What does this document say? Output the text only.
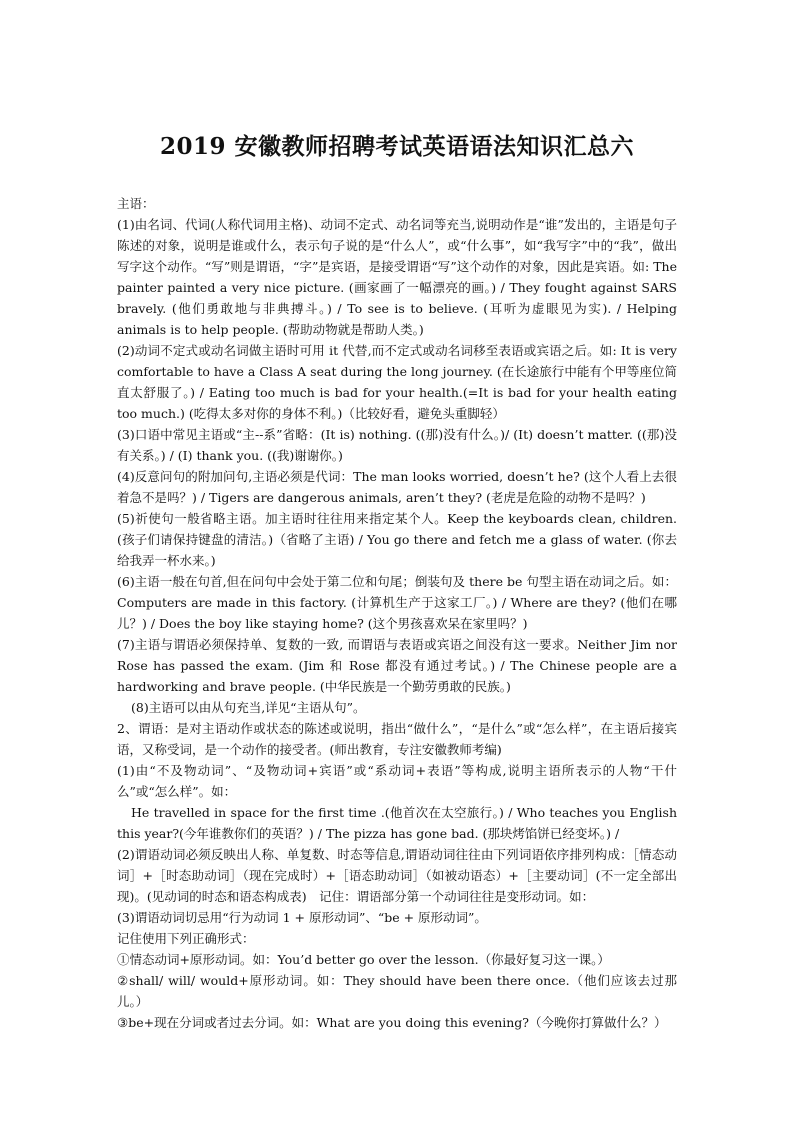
2019 安徽教师招聘考试英语语法知识汇总六

主语：

(1)由名词、代词(人称代词用主格)、动词不定式、动名词等充当,说明动作是“谁”发出的，主语是句子陈述的对象，说明是谁或什么，表示句子说的是“什么人”，或“什么事”，如“我写字”中的“我”，做出写字这个动作。“写”则是谓语，“字”是宾语，是接受谓语“写”这个动作的对象，因此是宾语。如: The painter painted a very nice picture. (画家画了一幅漂亮的画。) / They fought against SARS bravely. (他们勇敢地与非典搏斗。) / To see is to believe. (耳听为虚眼见为实). / Helping animals is to help people. (帮助动物就是帮助人类。)

(2)动词不定式或动名词做主语时可用 it 代替,而不定式或动名词移至表语或宾语之后。如: It is very comfortable to have a Class A seat during the long journey. (在长途旅行中能有个甲等座位简直太舒服了。) / Eating too much is bad for your health.(=It is bad for your health eating too much.) (吃得太多对你的身体不利。)（比较好看，避免头重脚轻）

(3)口语中常见主语或“主--系”省略：(It is) nothing. ((那)没有什么。)/ (It) doesn’t matter. ((那)没有关系。) / (I) thank you. ((我)谢谢你。)

(4)反意问句的附加问句,主语必须是代词：The man looks worried, doesn’t he? (这个人看上去很着急不是吗？) / Tigers are dangerous animals, aren’t they? (老虎是危险的动物不是吗？)

(5)祈使句一般省略主语。加主语时往往用来指定某个人。Keep the keyboards clean, children. (孩子们请保持键盘的清洁。)（省略了主语) / You go there and fetch me a glass of water. (你去给我弄一杯水来。)

(6)主语一般在句首,但在问句中会处于第二位和句尾；倒装句及 there be 句型主语在动词之后。如：Computers are made in this factory. (计算机生产于这家工厂。) / Where are they? (他们在哪儿？) / Does the boy like staying home? (这个男孩喜欢呆在家里吗？)

(7)主语与谓语必须保持单、复数的一致, 而谓语与表语或宾语之间没有这一要求。Neither Jim nor Rose has passed the exam. (Jim 和 Rose 都没有通过考试。) / The Chinese people are a hardworking and brave people. (中华民族是一个勤劳勇敢的民族。)

(8)主语可以由从句充当,详见“主语从句”。

2、谓语：是对主语动作或状态的陈述或说明，指出“做什么”，“是什么”或“怎么样”，在主语后接宾语，又称受词，是一个动作的接受者。(师出教育，专注安徽教师考编)

(1)由“不及物动词”、“及物动词+宾语”或“系动词+表语”等构成,说明主语所表示的人物“干什么”或“怎么样”。如：

He travelled in space for the first time .(他首次在太空旅行。) / Who teaches you English this year?(今年谁教你们的英语？) / The pizza has gone bad. (那块烤馅饼已经变坏。) /

(2)谓语动词必须反映出人称、单复数、时态等信息,谓语动词往往由下列词语依序排列构成：［情态动词］+［时态助动词］（现在完成时）+［语态助动词］（如被动语态）+［主要动词］(不一定全部出现)。(见动词的时态和语态构成表)　记住：谓语部分第一个动词往往是变形动词。如：

(3)谓语动词切忌用“行为动词 1 + 原形动词”、“be + 原形动词”。

记住使用下列正确形式：

①情态动词+原形动词。如：You’d better go over the lesson.（你最好复习这一课。）

②shall/ will/ would+原形动词。如：They should have been there once.（他们应该去过那儿。）

③be+现在分词或者过去分词。如：What are you doing this evening?（今晚你打算做什么？）
